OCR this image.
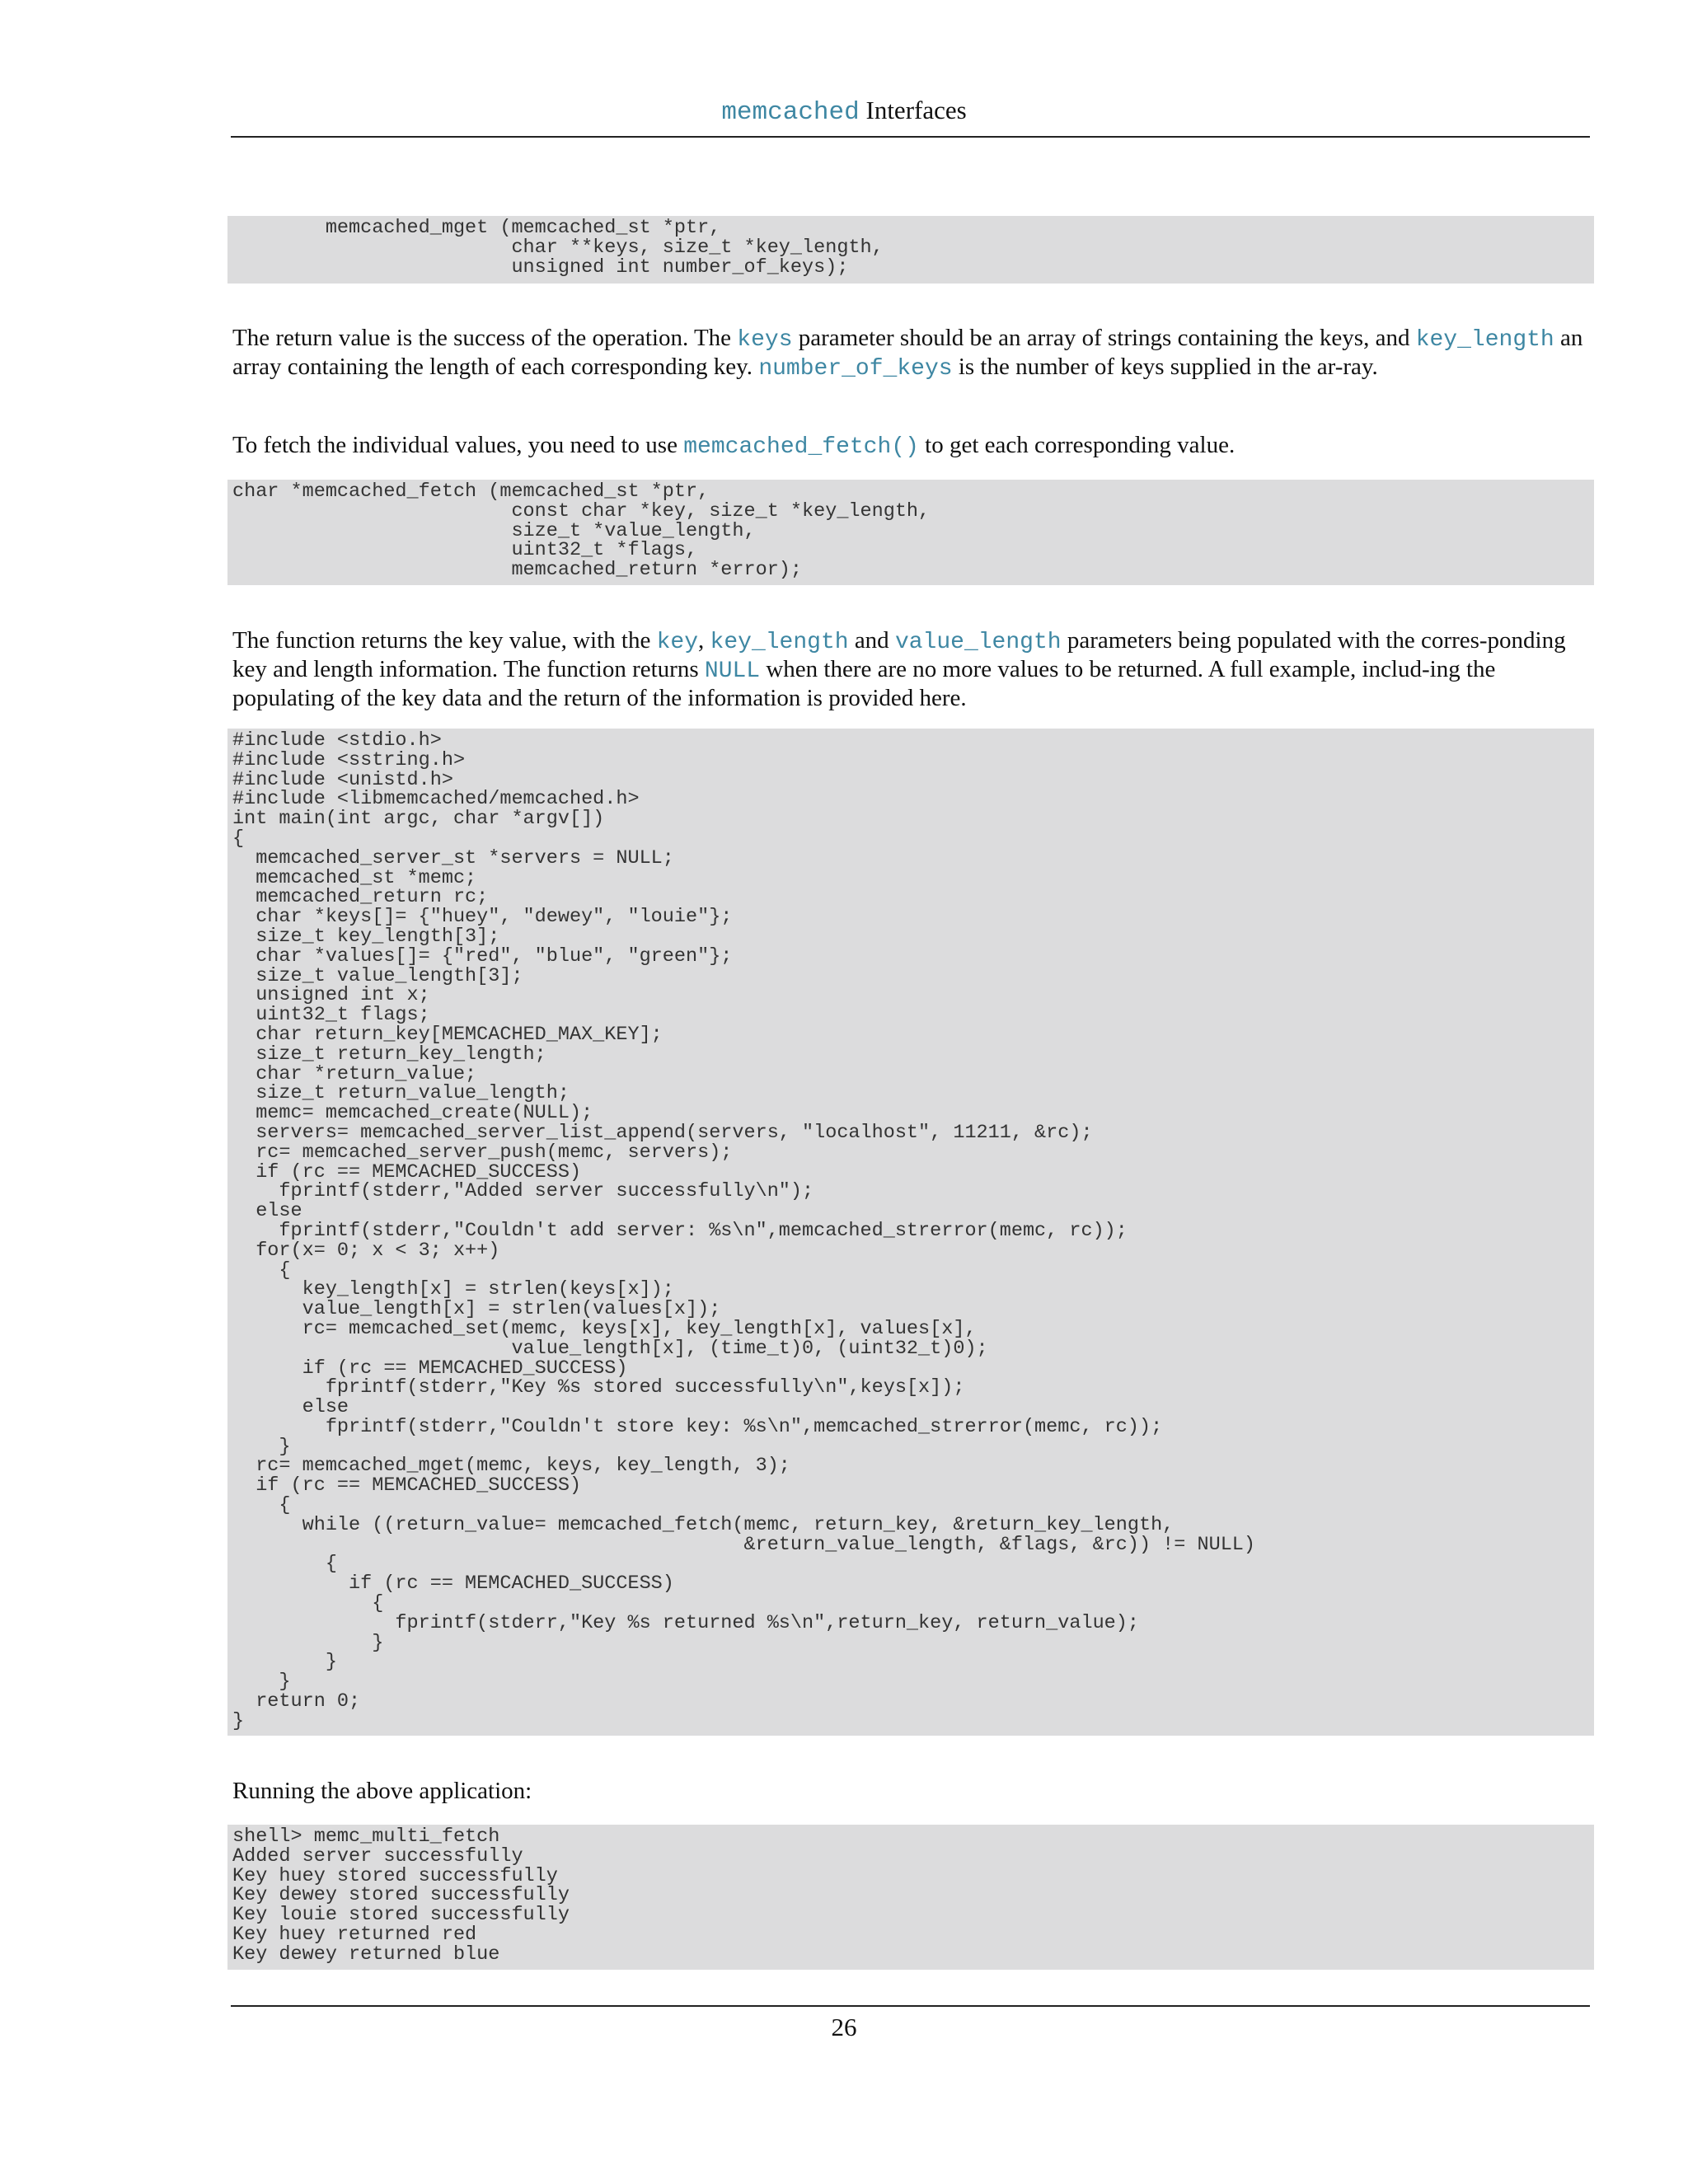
memcached Interfaces
memcached_mget (memcached_st *ptr,
char **keys, size_t *key_length,
unsigned int number_of_keys);

The return value is the success of the operation. The keys parameter should be an array of strings containing the keys, and key_length an array containing the length of each corresponding key. number_of_keys is the number of keys supplied in the ar-ray.

To fetch the individual values, you need to use memcached_fetch() to get each corresponding value.

char *memcached_fetch (memcached_st *ptr,
const char *key, size_t *key_length,
size_t *value_length,
uint32_t *flags,
memcached_return *error);

The function returns the key value, with the key, key_length and value_length parameters being populated with the corres-ponding key and length information. The function returns NULL when there are no more values to be returned. A full example, includ-ing the populating of the key data and the return of the information is provided here.

#include <stdio.h>
#include <sstring.h>
#include <unistd.h>
#include <libmemcached/memcached.h>
int main(int argc, char *argv[])
{
memcached_server_st *servers = NULL;
memcached_st *memc;
memcached_return rc;
char *keys[]= {"huey", "dewey", "louie"};
size_t key_length[3];
char *values[]= {"red", "blue", "green"};
size_t value_length[3];
unsigned int x;
uint32_t flags;
char return_key[MEMCACHED_MAX_KEY];
size_t return_key_length;
char *return_value;
size_t return_value_length;
memc= memcached_create(NULL);
servers= memcached_server_list_append(servers, "localhost", 11211, &rc);
rc= memcached_server_push(memc, servers);
if (rc == MEMCACHED_SUCCESS)
fprintf(stderr,"Added server successfully\n");
else
fprintf(stderr,"Couldn't add server: %s\n",memcached_strerror(memc, rc));
for(x= 0; x < 3; x++)
{
key_length[x] = strlen(keys[x]);
value_length[x] = strlen(values[x]);
rc= memcached_set(memc, keys[x], key_length[x], values[x],
value_length[x], (time_t)0, (uint32_t)0);
if (rc == MEMCACHED_SUCCESS)
fprintf(stderr,"Key %s stored successfully\n",keys[x]);
else
fprintf(stderr,"Couldn't store key: %s\n",memcached_strerror(memc, rc));
}
rc= memcached_mget(memc, keys, key_length, 3);
if (rc == MEMCACHED_SUCCESS)
{
while ((return_value= memcached_fetch(memc, return_key, &return_key_length,
&return_value_length, &flags, &rc)) != NULL)
{
if (rc == MEMCACHED_SUCCESS)
{
fprintf(stderr,"Key %s returned %s\n",return_key, return_value);
}
}
}
return 0;
}

Running the above application:

shell> memc_multi_fetch
Added server successfully
Key huey stored successfully
Key dewey stored successfully
Key louie stored successfully
Key huey returned red
Key dewey returned blue
26
